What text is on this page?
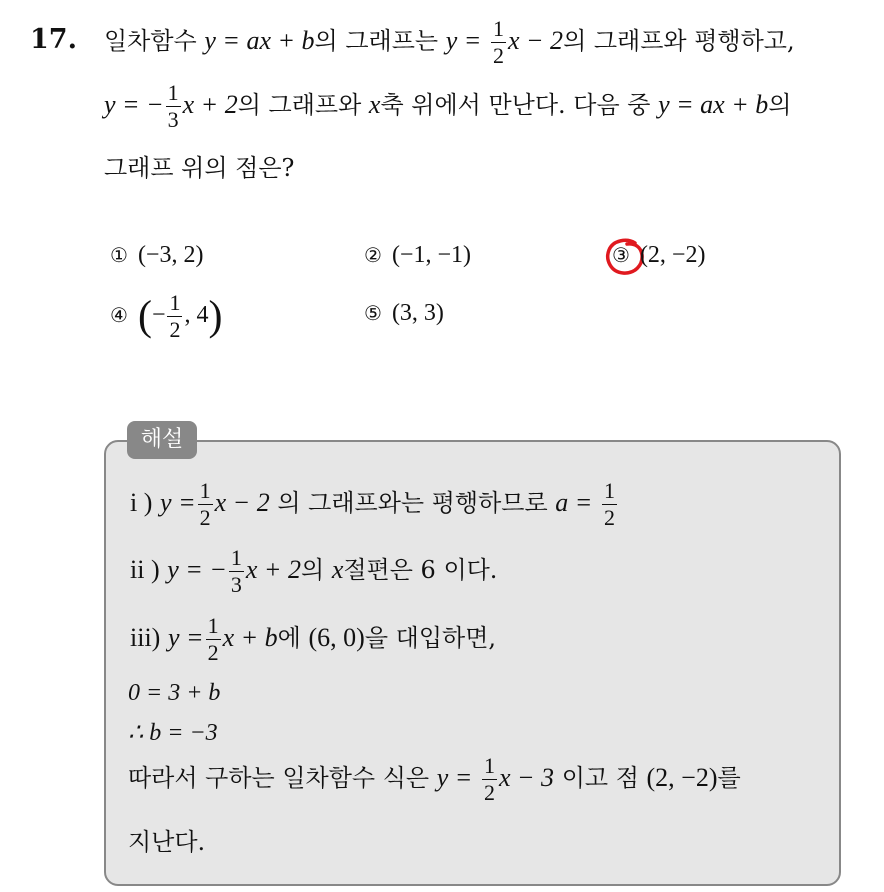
17. 일차함수 y = ax + b의 그래프는 $y = \frac{1}{2}$ x − 2의 그래프와 평행하고,
y = − $\frac{1}{3}$ x + 2의 그래프와 x축 위에서 만난다. 다음 중 y = ax + b의
그래프 위의 점은?
① (−3, 2)	② (−1, −1)	③ (2, −2)
④ (− $\frac{1}{2}$ , 4)	⑤ (3, 3)
해설
i ) $y = \frac{1}{2}$ x − 2 의 그래프와는 평행하므로 $a = \frac{1}{2}$
ii ) y = − $\frac{1}{3}$ x + 2의 x절편은 6 이다.
iii) $y = \frac{1}{2}$ x + b에 (6, 0)을 대입하면,
0 = 3 + b
∴ b = −3
따라서 구하는 일차함수 식은 $y = \frac{1}{2}$ x − 3 이고 점 (2, −2)를
지난다.
